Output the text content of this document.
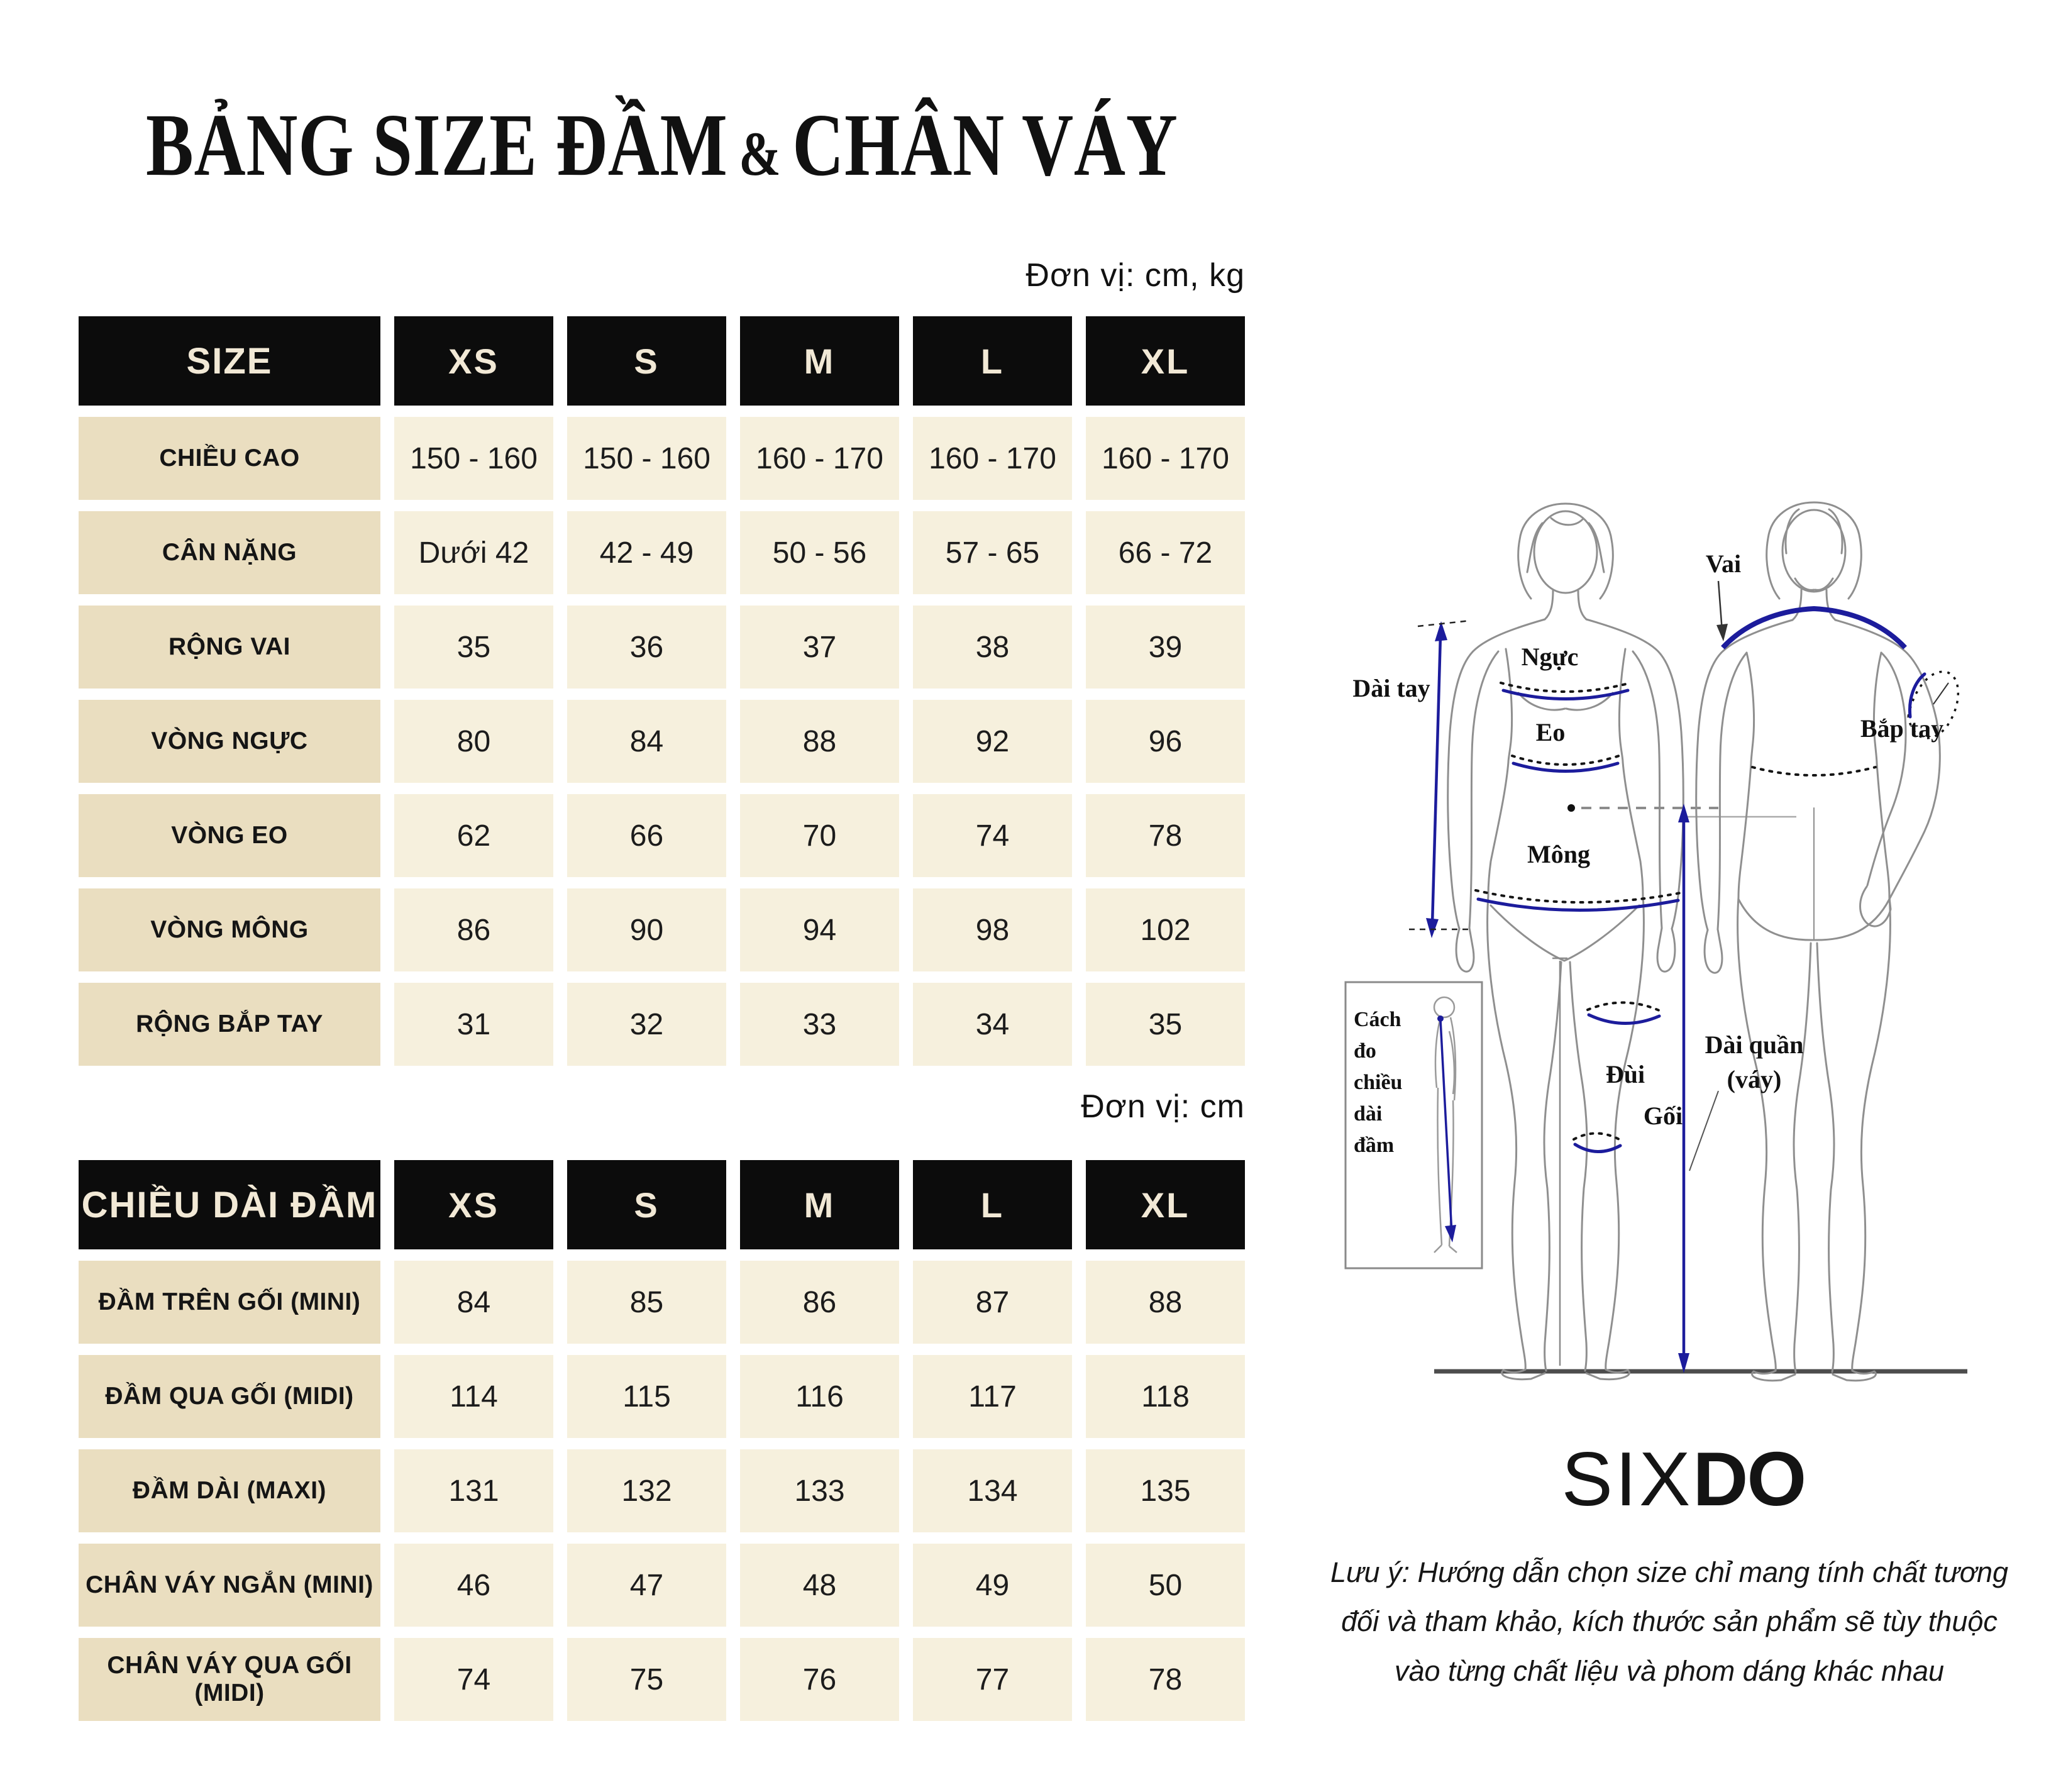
BẢNG SIZE ĐẦM & CHÂN VÁY
Đơn vị: cm, kg
SIZE	XS	S	M	L	XL
CHIỀU CAO	150 - 160	150 - 160	160 - 170	160 - 170	160 - 170
CÂN NẶNG	Dưới 42	42 - 49	50 - 56	57 - 65	66 - 72
RỘNG VAI	35	36	37	38	39
VÒNG NGỰC	80	84	88	92	96
VÒNG EO	62	66	70	74	78
VÒNG MÔNG	86	90	94	98	102
RỘNG BẮP TAY	31	32	33	34	35
Đơn vị: cm
CHIỀU DÀI ĐẦM	XS	S	M	L	XL
ĐẦM TRÊN GỐI (MINI)	84	85	86	87	88
ĐẦM QUA GỐI (MIDI)	114	115	116	117	118
ĐẦM DÀI (MAXI)	131	132	133	134	135
CHÂN VÁY NGẮN (MINI)	46	47	48	49	50
CHÂN VÁY QUA GỐI (MIDI)	74	75	76	77	78
Dài tay
Ngực
Eo
Mông
Đùi
Gối
Vai
Bắp tay
Dài quần
(váy)
Cách
đo
chiều
dài
đầm
SIXDO
Lưu ý: Hướng dẫn chọn size chỉ mang tính chất tương
đối và tham khảo, kích thước sản phẩm sẽ tùy thuộc
vào từng chất liệu và phom dáng khác nhau
